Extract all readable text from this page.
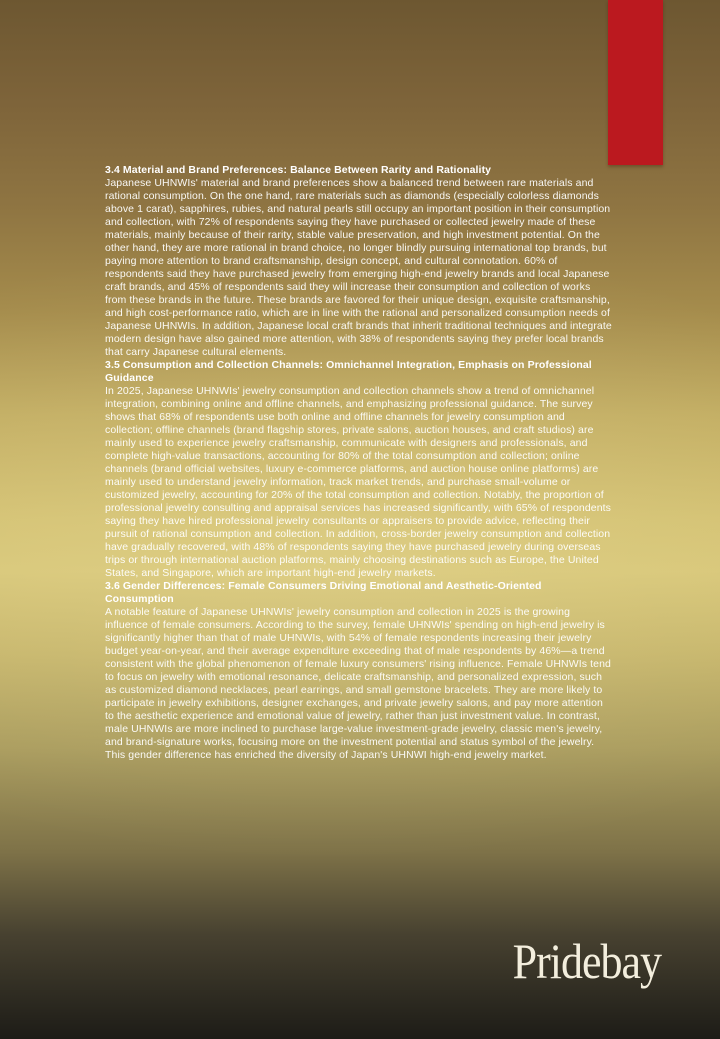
3.4 Material and Brand Preferences: Balance Between Rarity and Rationality
Japanese UHNWIs' material and brand preferences show a balanced trend between rare materials and rational consumption. On the one hand, rare materials such as diamonds (especially colorless diamonds above 1 carat), sapphires, rubies, and natural pearls still occupy an important position in their consumption and collection, with 72% of respondents saying they have purchased or collected jewelry made of these materials, mainly because of their rarity, stable value preservation, and high investment potential. On the other hand, they are more rational in brand choice, no longer blindly pursuing international top brands, but paying more attention to brand craftsmanship, design concept, and cultural connotation. 60% of respondents said they have purchased jewelry from emerging high-end jewelry brands and local Japanese craft brands, and 45% of respondents said they will increase their consumption and collection of works from these brands in the future. These brands are favored for their unique design, exquisite craftsmanship, and high cost-performance ratio, which are in line with the rational and personalized consumption needs of Japanese UHNWIs. In addition, Japanese local craft brands that inherit traditional techniques and integrate modern design have also gained more attention, with 38% of respondents saying they prefer local brands that carry Japanese cultural elements.
3.5 Consumption and Collection Channels: Omnichannel Integration, Emphasis on Professional Guidance
In 2025, Japanese UHNWIs' jewelry consumption and collection channels show a trend of omnichannel integration, combining online and offline channels, and emphasizing professional guidance. The survey shows that 68% of respondents use both online and offline channels for jewelry consumption and collection; offline channels (brand flagship stores, private salons, auction houses, and craft studios) are mainly used to experience jewelry craftsmanship, communicate with designers and professionals, and complete high-value transactions, accounting for 80% of the total consumption and collection; online channels (brand official websites, luxury e-commerce platforms, and auction house online platforms) are mainly used to understand jewelry information, track market trends, and purchase small-volume or customized jewelry, accounting for 20% of the total consumption and collection. Notably, the proportion of professional jewelry consulting and appraisal services has increased significantly, with 65% of respondents saying they have hired professional jewelry consultants or appraisers to provide advice, reflecting their pursuit of rational consumption and collection. In addition, cross-border jewelry consumption and collection have gradually recovered, with 48% of respondents saying they have purchased jewelry during overseas trips or through international auction platforms, mainly choosing destinations such as Europe, the United States, and Singapore, which are important high-end jewelry markets.
3.6 Gender Differences: Female Consumers Driving Emotional and Aesthetic-Oriented Consumption
A notable feature of Japanese UHNWIs' jewelry consumption and collection in 2025 is the growing influence of female consumers. According to the survey, female UHNWIs' spending on high-end jewelry is significantly higher than that of male UHNWIs, with 54% of female respondents increasing their jewelry budget year-on-year, and their average expenditure exceeding that of male respondents by 46%—a trend consistent with the global phenomenon of female luxury consumers' rising influence. Female UHNWIs tend to focus on jewelry with emotional resonance, delicate craftsmanship, and personalized expression, such as customized diamond necklaces, pearl earrings, and small gemstone bracelets. They are more likely to participate in jewelry exhibitions, designer exchanges, and private jewelry salons, and pay more attention to the aesthetic experience and emotional value of jewelry, rather than just investment value. In contrast, male UHNWIs are more inclined to purchase large-value investment-grade jewelry, classic men's jewelry, and brand-signature works, focusing more on the investment potential and status symbol of the jewelry. This gender difference has enriched the diversity of Japan's UHNWI high-end jewelry market.
Pridebay
